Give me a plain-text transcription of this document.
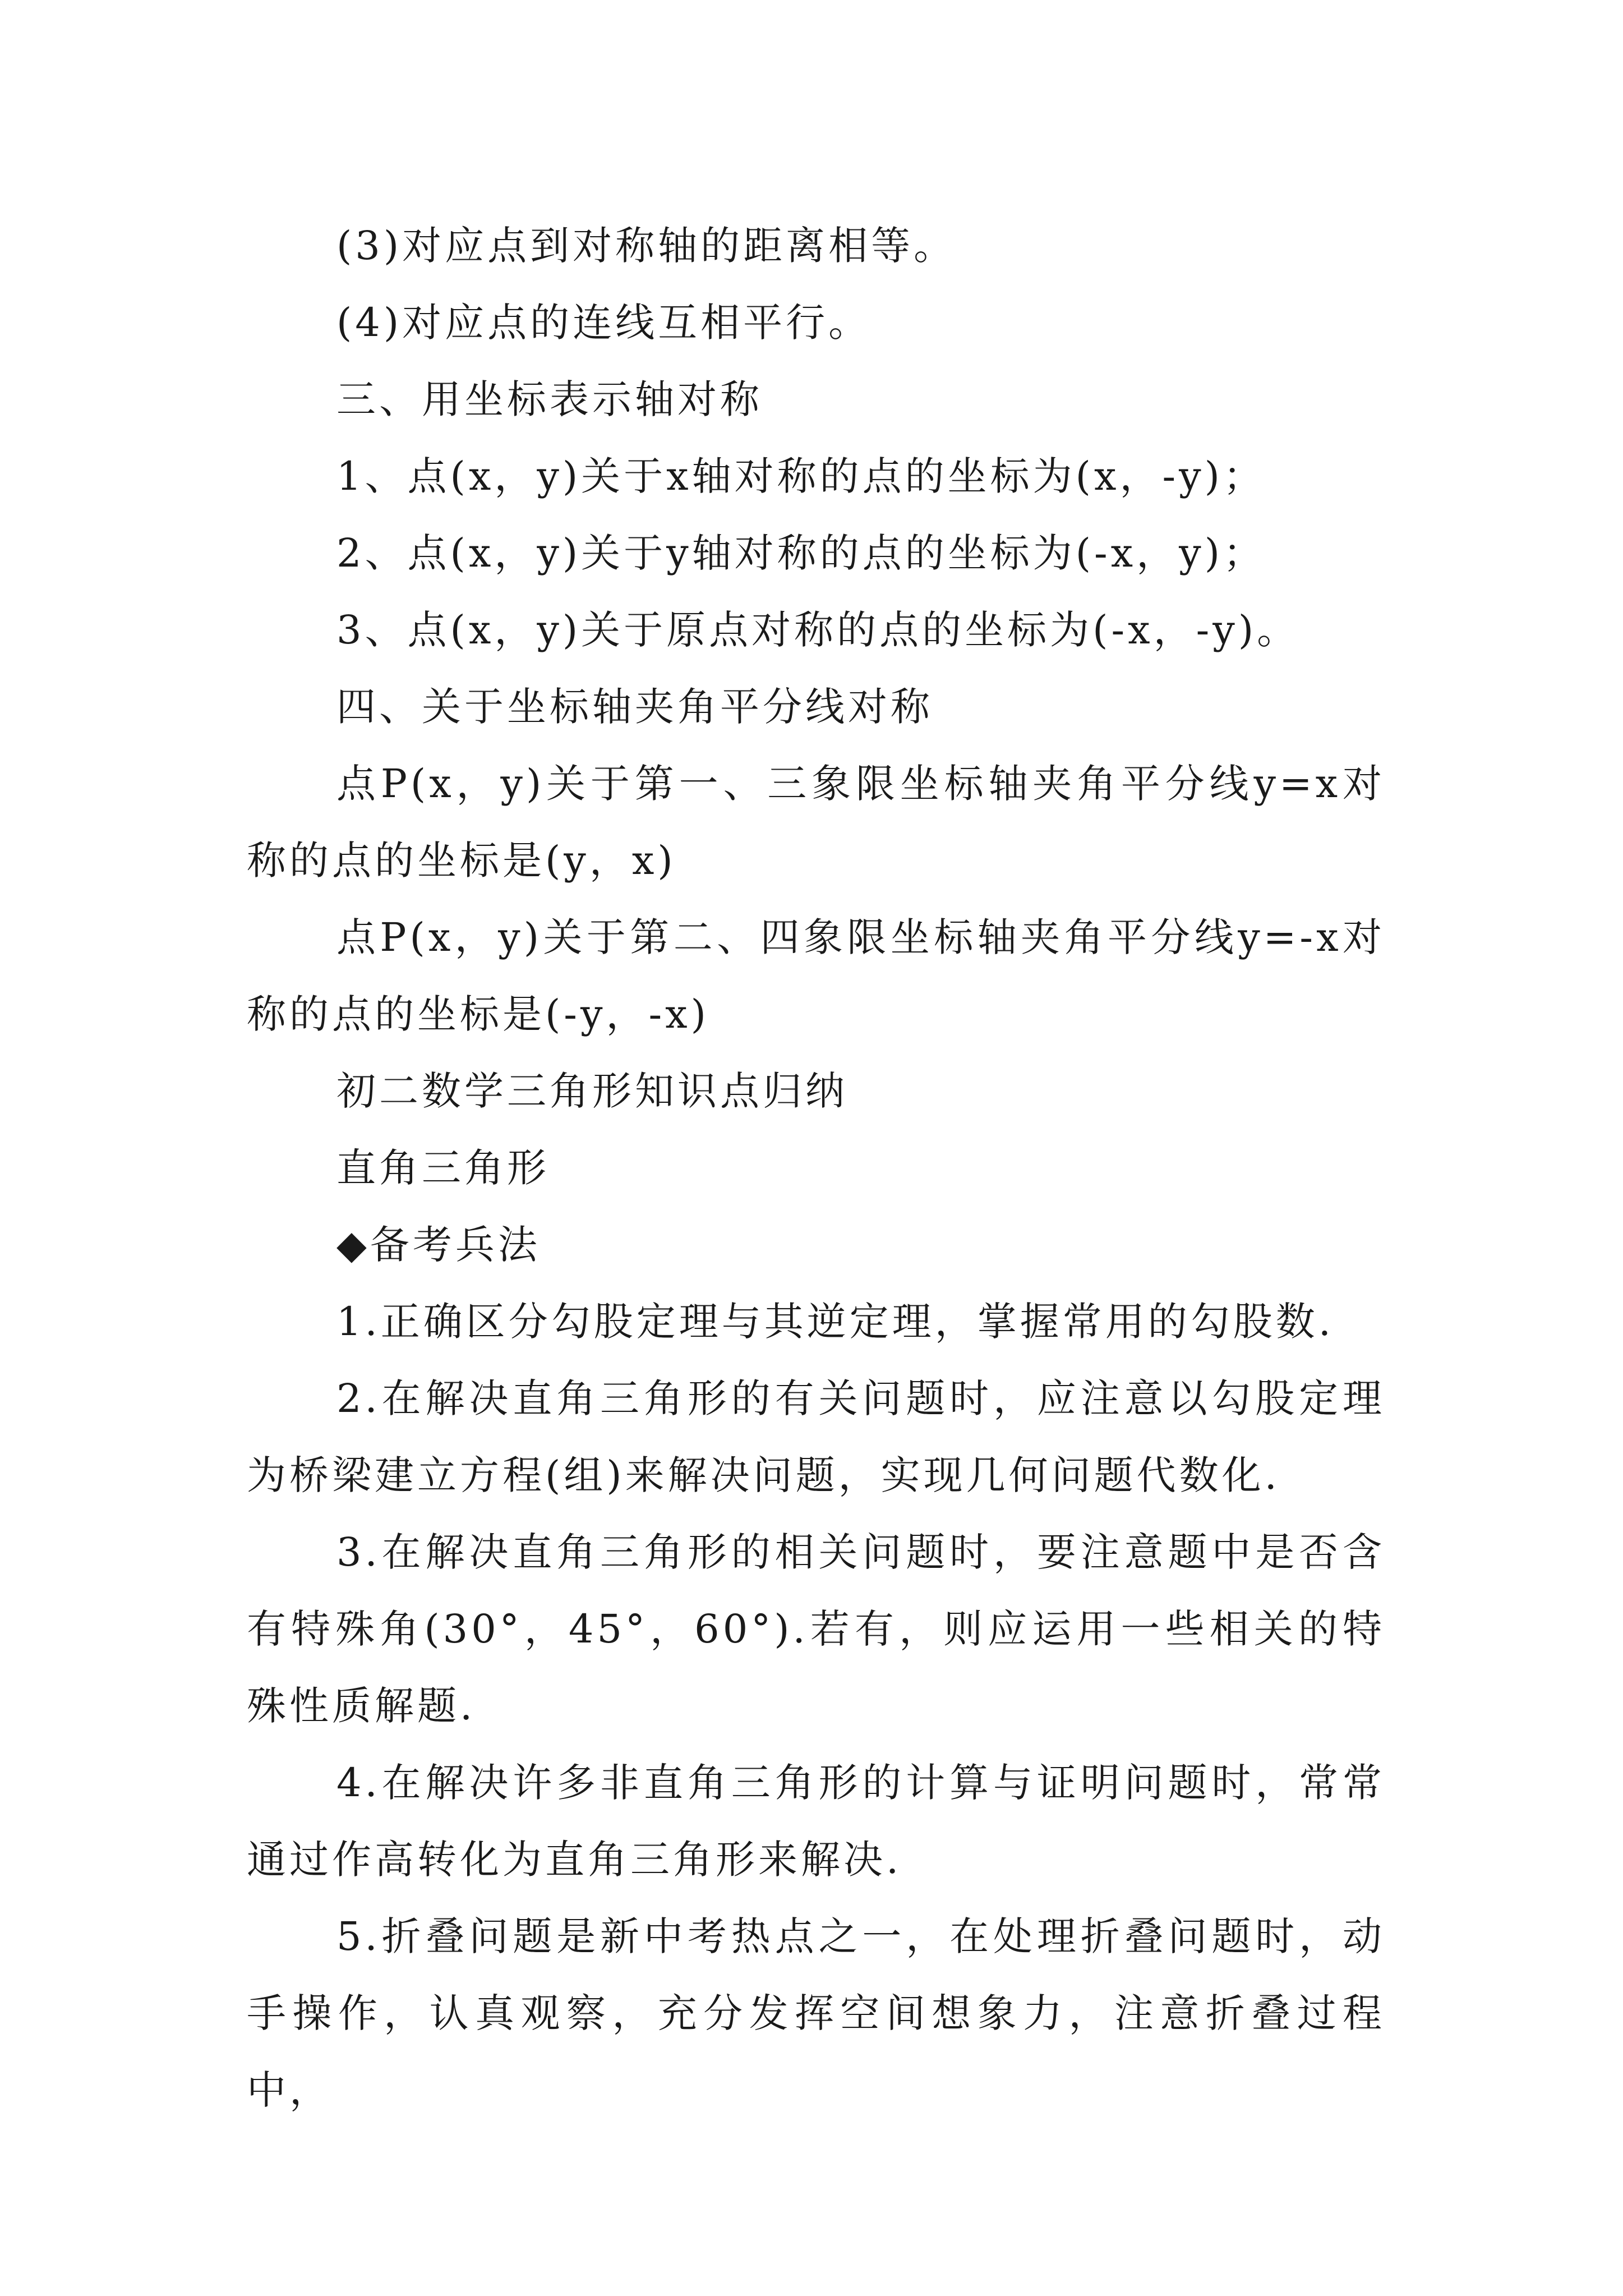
(3)对应点到对称轴的距离相等。

(4)对应点的连线互相平行。

三、用坐标表示轴对称

1、点(x，y)关于x轴对称的点的坐标为(x，-y)；

2、点(x，y)关于y轴对称的点的坐标为(-x，y)；

3、点(x，y)关于原点对称的点的坐标为(-x，-y)。

四、关于坐标轴夹角平分线对称

点P(x，y)关于第一、三象限坐标轴夹角平分线y=x对称的点的坐标是(y，x)

点P(x，y)关于第二、四象限坐标轴夹角平分线y=-x对称的点的坐标是(-y，-x)

初二数学三角形知识点归纳

直角三角形

◆备考兵法

1.正确区分勾股定理与其逆定理，掌握常用的勾股数.

2.在解决直角三角形的有关问题时，应注意以勾股定理为桥梁建立方程(组)来解决问题，实现几何问题代数化.

3.在解决直角三角形的相关问题时，要注意题中是否含有特殊角(30°，45°，60°).若有，则应运用一些相关的特殊性质解题.

4.在解决许多非直角三角形的计算与证明问题时，常常通过作高转化为直角三角形来解决.

5.折叠问题是新中考热点之一，在处理折叠问题时，动手操作，认真观察，充分发挥空间想象力，注意折叠过程中，
